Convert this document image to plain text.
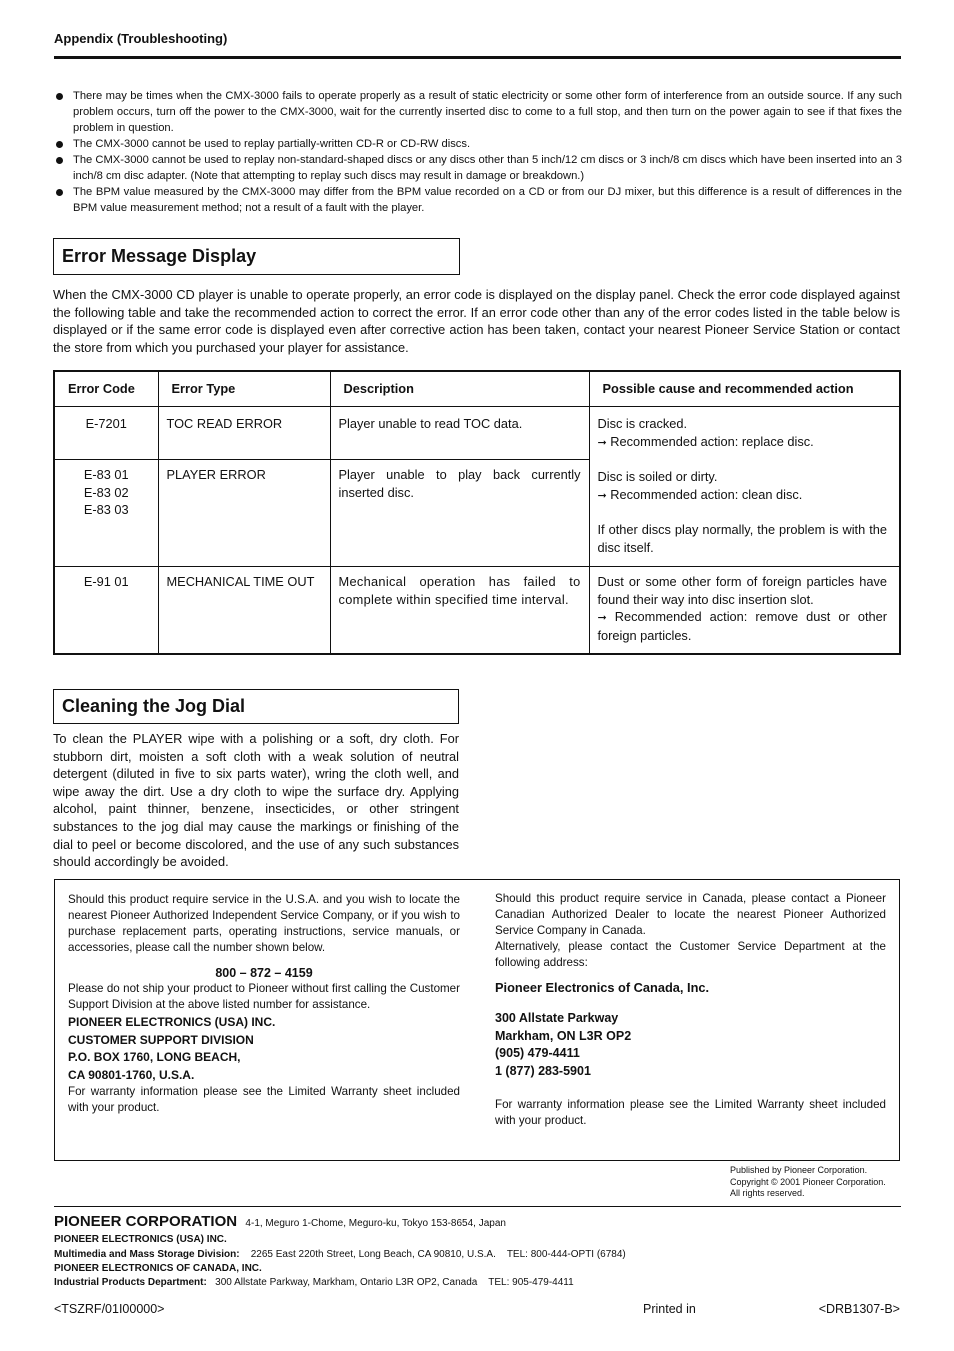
Appendix (Troubleshooting)
There may be times when the CMX-3000 fails to operate properly as a result of static electricity or some other form of interference from an outside source. If any such problem occurs, turn off the power to the CMX-3000, wait for the currently inserted disc to come to a full stop, and then turn on the power again to see if that fixes the problem in question.
The CMX-3000 cannot be used to replay partially-written CD-R or CD-RW discs.
The CMX-3000 cannot be used to replay non-standard-shaped discs or any discs other than 5 inch/12 cm discs or 3 inch/8 cm discs which have been inserted into an 3 inch/8 cm disc adapter. (Note that attempting to replay such discs may result in damage or breakdown.)
The BPM value measured by the CMX-3000 may differ from the BPM value recorded on a CD or from our DJ mixer, but this difference is a result of differences in the BPM value measurement method; not a result of a fault with the player.
Error Message Display

When the CMX-3000 CD player is unable to operate properly, an error code is displayed on the display panel. Check the error code displayed against the following table and take the recommended action to correct the error. If an error code other than any of the error codes listed in the table below is displayed or if the same error code is displayed even after corrective action has been taken, contact your nearest Pioneer Service Station or contact the store from which you purchased your player for assistance.

Error Code	Error Type	Description	Possible cause and recommended action
E-7201	TOC READ ERROR	Player unable to read TOC data.	Disc is cracked.
➞ Recommended action: replace disc.
Disc is soiled or dirty.
➞ Recommended action: clean disc.
If other discs play normally, the problem is with the disc itself.

E-83 01
E-83 02
E-83 03	PLAYER ERROR	Player unable to play back currently inserted disc.	
E-91 01	MECHANICAL TIME OUT	Mechanical operation has failed to complete within specified time interval.	Dust or some other form of foreign particles have found their way into disc insertion slot.
➞ Recommended action: remove dust or other foreign particles.
Cleaning the Jog Dial

To clean the PLAYER wipe with a polishing or a soft, dry cloth. For stubborn dirt, moisten a soft cloth with a weak solution of neutral detergent (diluted in five to six parts water), wring the cloth well, and wipe away the dirt. Use a dry cloth to wipe the surface dry. Applying alcohol, paint thinner, benzene, insecticides, or other stringent substances to the jog dial may cause the markings or finishing of the dial to peel or become discolored, and the use of any such substances should accordingly be avoided.

Should this product require service in the U.S.A. and you wish to locate the nearest Pioneer Authorized Independent Service Company, or if you wish to purchase replacement parts, operating instructions, service manuals, or accessories, please call the number shown below.

800 – 872 – 4159

Please do not ship your product to Pioneer without first calling the Customer Support Division at the above listed number for assistance.

PIONEER ELECTRONICS (USA) INC.

CUSTOMER SUPPORT DIVISION

P.O. BOX 1760, LONG BEACH,

CA 90801-1760, U.S.A.

For warranty information please see the Limited Warranty sheet included with your product.

Should this product require service in Canada, please contact a Pioneer Canadian Authorized Dealer to locate the nearest Pioneer Authorized Service Company in Canada.

Alternatively, please contact the Customer Service Department at the following address:

Pioneer Electronics of Canada, Inc.

300 Allstate Parkway

Markham, ON L3R OP2

(905) 479-4411

1 (877) 283-5901

For warranty information please see the Limited Warranty sheet included with your product.

Published by Pioneer Corporation.
Copyright © 2001 Pioneer Corporation.
All rights reserved.
PIONEER CORPORATION 4-1, Meguro 1-Chome, Meguro-ku, Tokyo 153-8654, Japan
PIONEER ELECTRONICS (USA) INC.
Multimedia and Mass Storage Division: 2265 East 220th Street, Long Beach, CA 90810, U.S.A.    TEL: 800-444-OPTI (6784)
PIONEER ELECTRONICS OF CANADA, INC.
Industrial Products Department: 300 Allstate Parkway, Markham, Ontario L3R OP2, Canada    TEL: 905-479-4411
<TSZRF/01I00000>	Printed in	<DRB1307-B>
